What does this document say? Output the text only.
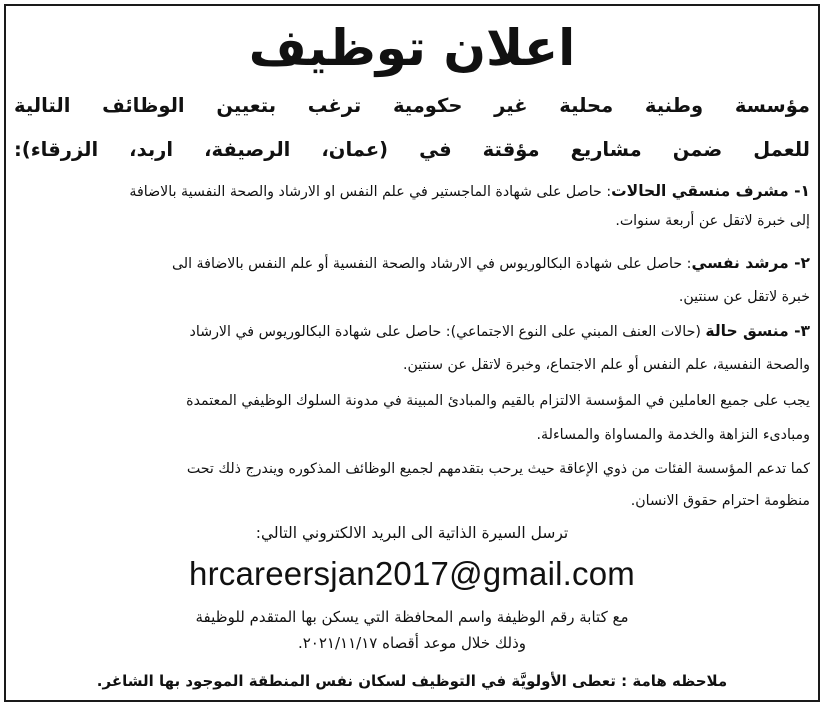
اعلان توظيف
مؤسسة وطنية محلية غير حكومية ترغب بتعيين الوظائف التالية
للعمل ضمن مشاريع مؤقتة في (عمان، الرصيفة، اربد، الزرقاء):
١- مشرف منسقي الحالات: حاصل على شهادة الماجستير في علم النفس او الارشاد والصحة النفسية بالاضافة
إلى خبرة لاتقل عن أربعة سنوات.
٢- مرشد نفسي: حاصل على شهادة البكالوريوس في الارشاد والصحة النفسية أو علم النفس بالاضافة الى
خبرة لاتقل عن سنتين.
٣- منسق حالة (حالات العنف المبني على النوع الاجتماعي): حاصل على شهادة البكالوريوس في الارشاد
والصحة النفسية، علم النفس أو علم الاجتماع، وخبرة لاتقل عن سنتين.
يجب على جميع العاملين في المؤسسة الالتزام بالقيم والمبادئ المبينة في مدونة السلوك الوظيفي المعتمدة
ومبادىء النزاهة والخدمة والمساواة والمساءلة.
كما تدعم المؤسسة الفئات من ذوي الإعاقة حيث يرحب بتقدمهم لجميع الوظائف المذكوره ويندرج ذلك تحت
منظومة احترام حقوق الانسان.
ترسل السيرة الذاتية الى البريد الالكتروني التالي:
hrcareersjan2017@gmail.com
مع كتابة رقم الوظيفة واسم المحافظة التي يسكن بها المتقدم للوظيفة
وذلك خلال موعد أقصاه ٢٠٢١/١١/١٧.
ملاحظه هامة : تعطى الأولويَّة في التوظيف لسكان نفس المنطقة الموجود بها الشاغر.
